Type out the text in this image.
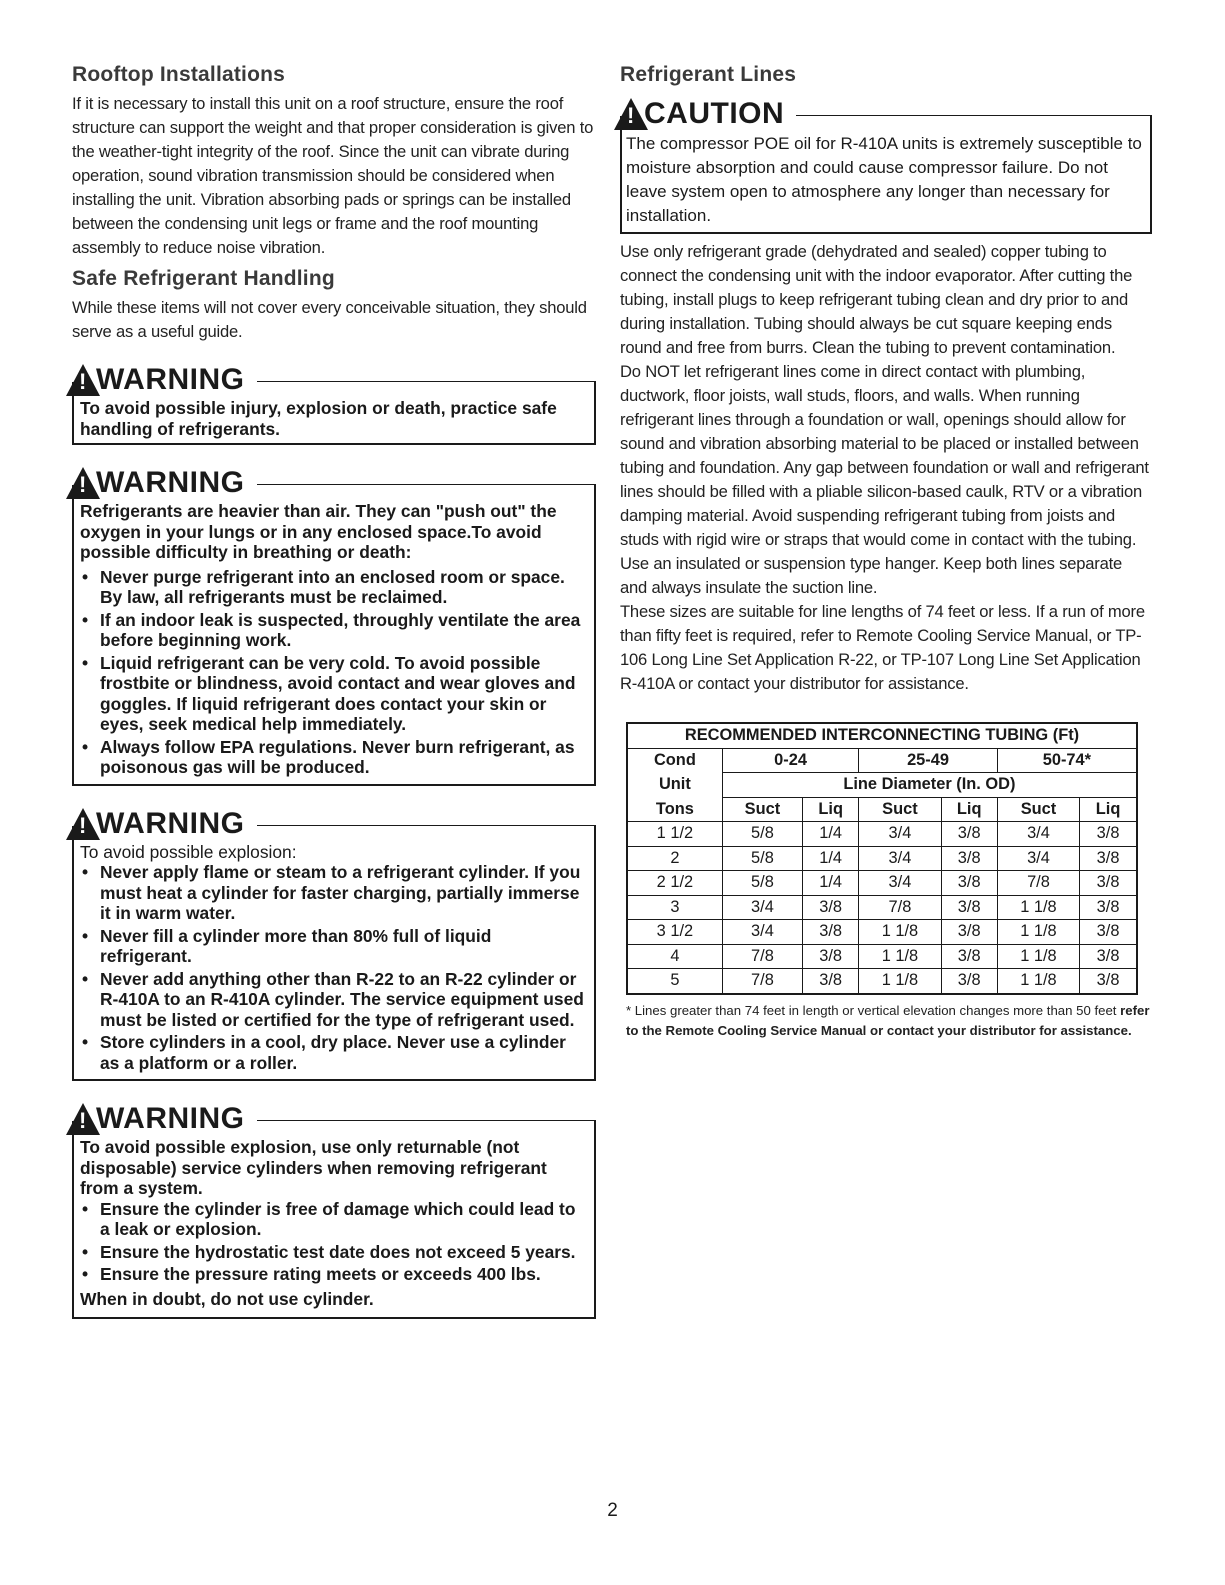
Rooftop Installations

If it is necessary to install this unit on a roof structure, ensure the roof structure can support the weight and that proper consideration is given to the weather-tight integrity of the roof. Since the unit can vibrate during operation, sound vibration transmission should be considered when installing the unit. Vibration absorbing pads or springs can be installed between the condensing unit legs or frame and the roof mounting assembly to reduce noise vibration.

Safe Refrigerant Handling

While these items will not cover every conceivable situation, they should serve as a useful guide.

! WARNING

To avoid possible injury, explosion or death, practice safe handling of refrigerants.

! WARNING

Refrigerants are heavier than air. They can "push out" the oxygen in your lungs or in any enclosed space.To avoid possible difficulty in breathing or death:

• Never purge refrigerant into an enclosed room or space. By law, all refrigerants must be reclaimed.
• If an indoor leak is suspected, throughly ventilate the area before beginning work.
• Liquid refrigerant can be very cold. To avoid possible frostbite or blindness, avoid contact and wear gloves and goggles. If liquid refrigerant does contact your skin or eyes, seek medical help immediately.
• Always follow EPA regulations. Never burn refrigerant, as poisonous gas will be produced.
! WARNING

To avoid possible explosion:

• Never apply flame or steam to a refrigerant cylinder. If you must heat a cylinder for faster charging, partially immerse it in warm water.
• Never fill a cylinder more than 80% full of liquid refrigerant.
• Never add anything other than R-22 to an R-22 cylinder or R-410A to an R-410A cylinder. The service equipment used must be listed or certified for the type of refrigerant used.
• Store cylinders in a cool, dry place. Never use a cylinder as a platform or a roller.
! WARNING

To avoid possible explosion, use only returnable (not disposable) service cylinders when removing refrigerant from a system.

• Ensure the cylinder is free of damage which could lead to a leak or explosion.
• Ensure the hydrostatic test date does not exceed 5 years.
• Ensure the pressure rating meets or exceeds 400 lbs.

When in doubt, do not use cylinder.

Refrigerant Lines
! CAUTION

The compressor POE oil for R-410A units is extremely susceptible to moisture absorption and could cause compressor failure. Do not leave system open to atmosphere any longer than necessary for installation.

Use only refrigerant grade (dehydrated and sealed) copper tubing to connect the condensing unit with the indoor evaporator. After cutting the tubing, install plugs to keep refrigerant tubing clean and dry prior to and during installation. Tubing should always be cut square keeping ends round and free from burrs. Clean the tubing to prevent contamination.

Do NOT let refrigerant lines come in direct contact with plumbing, ductwork, floor joists, wall studs, floors, and walls. When running refrigerant lines through a foundation or wall, openings should allow for sound and vibration absorbing material to be placed or installed between tubing and foundation. Any gap between foundation or wall and refrigerant lines should be filled with a pliable silicon-based caulk, RTV or a vibration damping material. Avoid suspending refrigerant tubing from joists and studs with rigid wire or straps that would come in contact with the tubing. Use an insulated or suspension type hanger. Keep both lines separate and always insulate the suction line.

These sizes are suitable for line lengths of 74 feet or less. If a run of more than fifty feet is required, refer to Remote Cooling Service Manual, or TP-106 Long Line Set Application R-22, or TP-107 Long Line Set Application R-410A or contact your distributor for assistance.

RECOMMENDED INTERCONNECTING TUBING (Ft)						
Cond	0-24		25-49		50-74*	
Unit	Line Diameter (In. OD)					
Tons	Suct	Liq	Suct	Liq	Suct	Liq
1 1/2	5/8	1/4	3/4	3/8	3/4	3/8
2	5/8	1/4	3/4	3/8	3/4	3/8
2 1/2	5/8	1/4	3/4	3/8	7/8	3/8
3	3/4	3/8	7/8	3/8	1 1/8	3/8
3 1/2	3/4	3/8	1 1/8	3/8	1 1/8	3/8
4	7/8	3/8	1 1/8	3/8	1 1/8	3/8
5	7/8	3/8	1 1/8	3/8	1 1/8	3/8

* Lines greater than 74 feet in length or vertical elevation changes more than 50 feet refer to the Remote Cooling Service Manual or contact your distributor for assistance.

2
